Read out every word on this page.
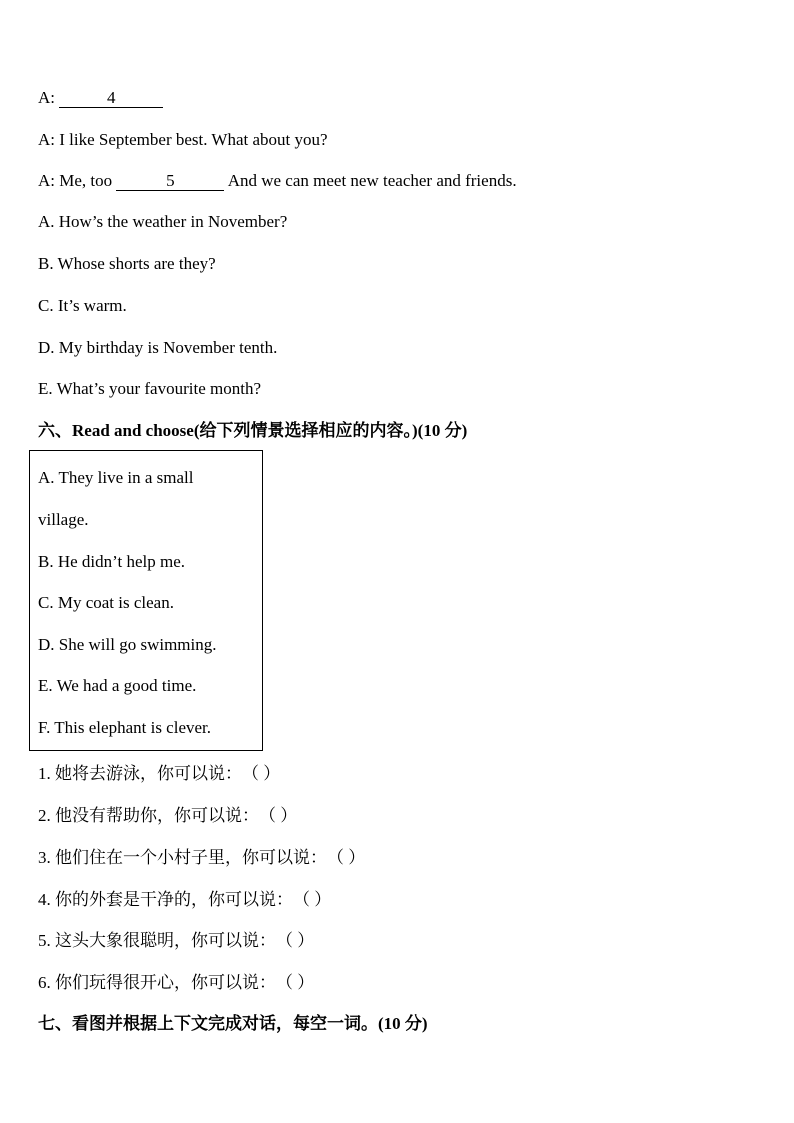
A:	4
A: I like September best. What about you?
A: Me, too	5	And we can meet new teacher and friends.
A. How’s the weather in November?
B. Whose shorts are they?
C. It’s warm.
D. My birthday is November tenth.
E. What’s your favourite month?
六、Read and choose(给下列情景选择相应的内容。)(10 分)
A. They live in a small
village.
B. He didn’t help me.
C. My coat is clean.
D. She will go swimming.
E. We had a good time.
F. This elephant is clever.
1. 她将去游泳，你可以说：（ ）
2. 他没有帮助你，你可以说：（ ）
3. 他们住在一个小村子里，你可以说：（ ）
4. 你的外套是干净的，你可以说：（ ）
5. 这头大象很聪明，你可以说：（ ）
6. 你们玩得很开心，你可以说：（ ）
七、看图并根据上下文完成对话，每空一词。(10 分)
